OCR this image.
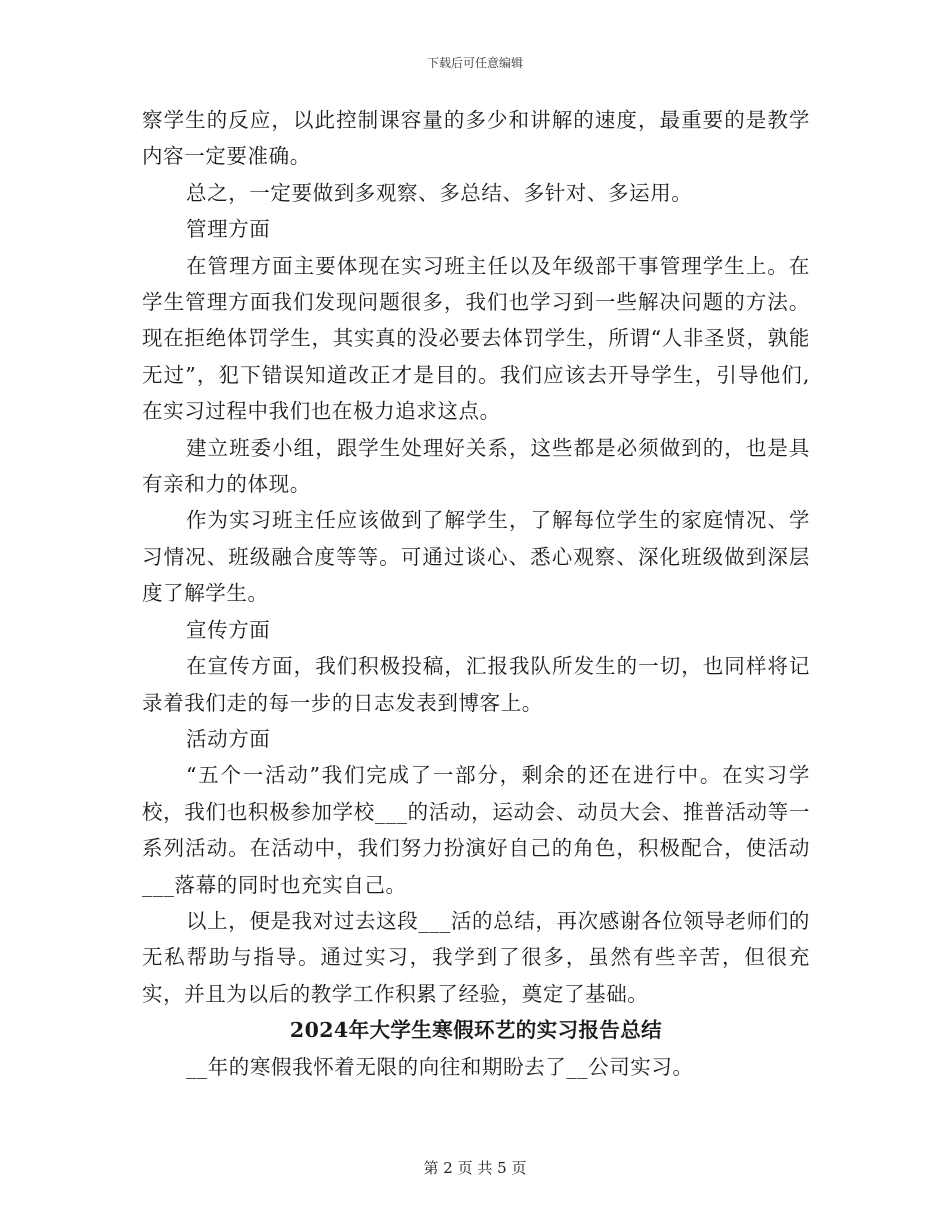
下载后可任意编辑

察学生的反应，以此控制课容量的多少和讲解的速度，最重要的是教学内容一定要准确。

总之，一定要做到多观察、多总结、多针对、多运用。

管理方面

在管理方面主要体现在实习班主任以及年级部干事管理学生上。在学生管理方面我们发现问题很多，我们也学习到一些解决问题的方法。现在拒绝体罚学生，其实真的没必要去体罚学生，所谓“人非圣贤，孰能无过”，犯下错误知道改正才是目的。我们应该去开导学生，引导他们,在实习过程中我们也在极力追求这点。

建立班委小组，跟学生处理好关系，这些都是必须做到的，也是具有亲和力的体现。

作为实习班主任应该做到了解学生，了解每位学生的家庭情况、学习情况、班级融合度等等。可通过谈心、悉心观察、深化班级做到深层度了解学生。

宣传方面

在宣传方面，我们积极投稿，汇报我队所发生的一切，也同样将记录着我们走的每一步的日志发表到博客上。

活动方面

“五个一活动”我们完成了一部分，剩余的还在进行中。在实习学校，我们也积极参加学校___的活动，运动会、动员大会、推普活动等一系列活动。在活动中，我们努力扮演好自己的角色，积极配合，使活动___落幕的同时也充实自己。

以上，便是我对过去这段___活的总结，再次感谢各位领导老师们的无私帮助与指导。通过实习，我学到了很多，虽然有些辛苦，但很充实，并且为以后的教学工作积累了经验，奠定了基础。

2024年大学生寒假环艺的实习报告总结

__年的寒假我怀着无限的向往和期盼去了__公司实习。

第 2 页 共 5 页
